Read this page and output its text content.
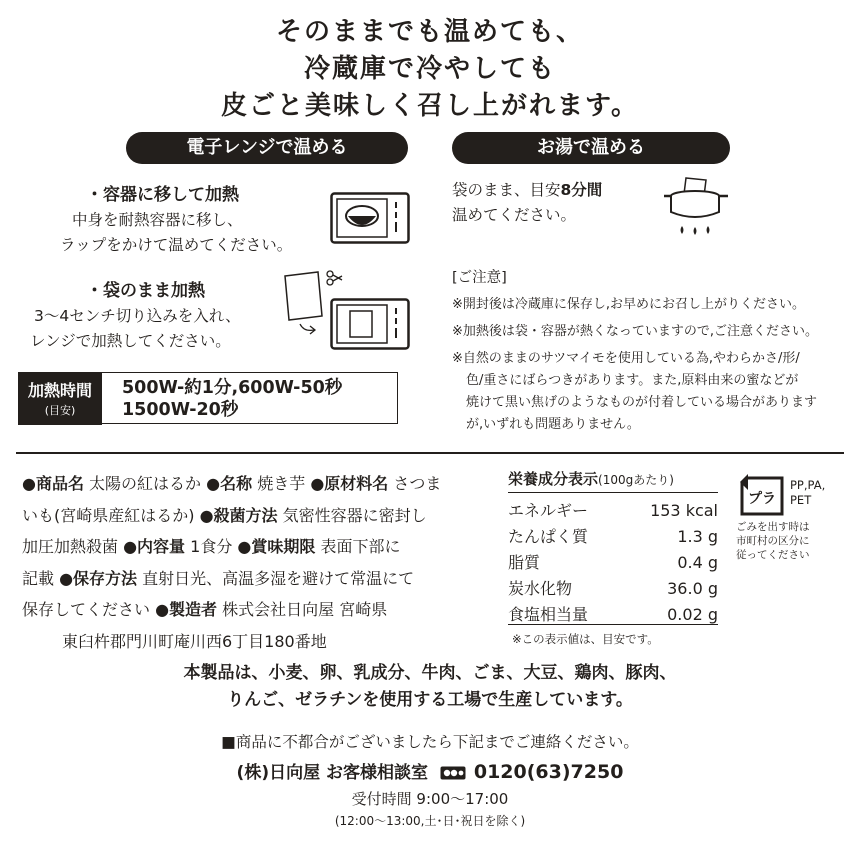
そのままでも温めても、
冷蔵庫で冷やしても
皮ごと美味しく召し上がれます。
電子レンジで温める
・容器に移して加熱
中身を耐熱容器に移し、
ラップをかけて温めてください。
・袋のまま加熱
3～4センチ切り込みを入れ、
レンジで加熱してください。
加熱時間
(目安)
500W-約1分,600W-50秒
1500W-20秒
お湯で温める
袋のまま、目安8分間
温めてください。
[ご注意]
※開封後は冷蔵庫に保存し,お早めにお召し上がりください。
※加熱後は袋・容器が熱くなっていますので,ご注意ください。
※自然のままのサツマイモを使用している為,やわらかさ/形/
色/重さにばらつきがあります。また,原料由来の蜜などが
焼けて黒い焦げのようなものが付着している場合があります
が,いずれも問題ありません。
●商品名 太陽の紅はるか ●名称 焼き芋 ●原材料名 さつま
いも(宮崎県産紅はるか) ●殺菌方法 気密性容器に密封し
加圧加熱殺菌 ●内容量 1食分 ●賞味期限 表面下部に
記載 ●保存方法 直射日光、高温多湿を避けて常温にて
保存してください ●製造者 株式会社日向屋 宮崎県
東臼杵郡門川町庵川西6丁目180番地
栄養成分表示(100gあたり)
エネルギー	153 kcal
たんぱく質	1.3 g
脂質	0.4 g
炭水化物	36.0 g
食塩相当量	0.02 g
※この表示値は、目安です。
プラ
PP,PA,
PET
ごみを出す時は
市町村の区分に
従ってください
本製品は、小麦、卵、乳成分、牛肉、ごま、大豆、鶏肉、豚肉、
りんご、ゼラチンを使用する工場で生産しています。
■商品に不都合がございましたら下記までご連絡ください。
(株)日向屋 お客様相談室 0120(63)7250
受付時間 9:00～17:00
(12:00～13:00,土･日･祝日を除く)
